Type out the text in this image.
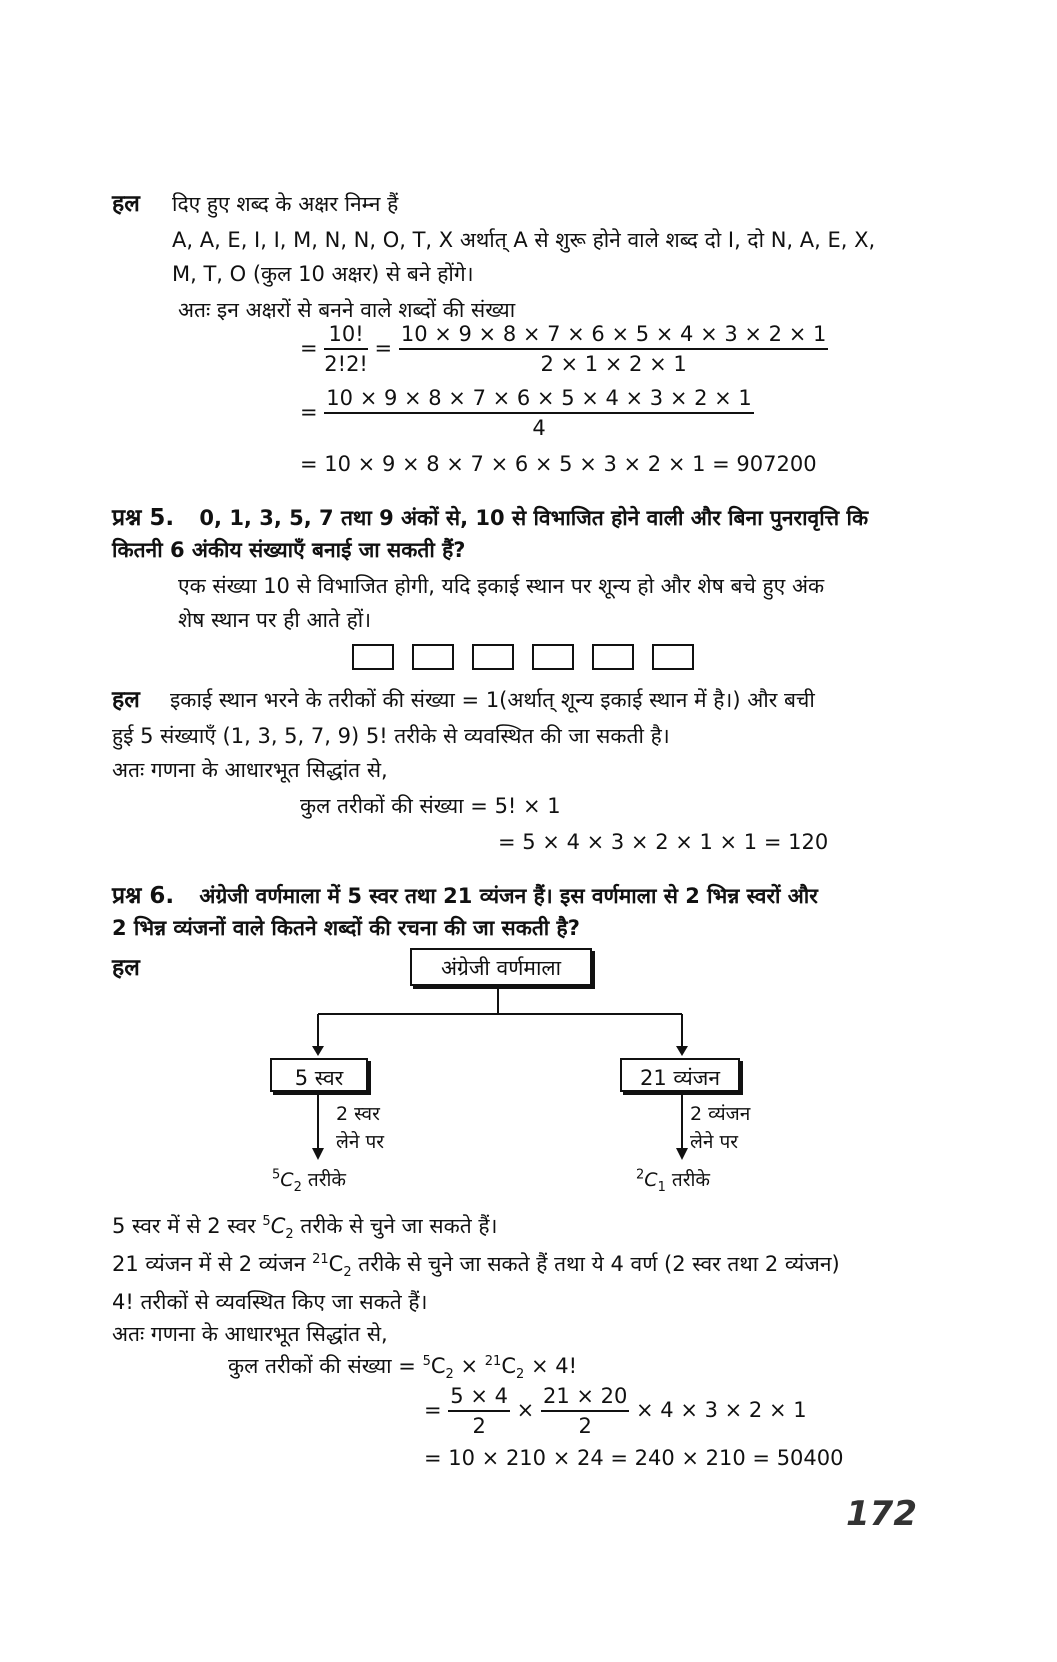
हल दिए हुए शब्द के अक्षर निम्न हैं
A, A, E, I, I, M, N, N, O, T, X अर्थात् A से शुरू होने वाले शब्द दो I, दो N, A, E, X,
M, T, O (कुल 10 अक्षर) से बने होंगे।
अतः इन अक्षरों से बनने वाले शब्दों की संख्या
= $\frac{10!}{2!2!} = \frac{10 \times 9 \times 8 \times 7 \times 6 \times 5 \times 4 \times 3 \times 2 \times 1}{2 \times 1 \times 2 \times 1}$
= $\frac{10 \times 9 \times 8 \times 7 \times 6 \times 5 \times 4 \times 3 \times 2 \times 1}{4}$
= 10 × 9 × 8 × 7 × 6 × 5 × 3 × 2 × 1 = 907200
प्रश्न 5. 0, 1, 3, 5, 7 तथा 9 अंकों से, 10 से विभाजित होने वाली और बिना पुनरावृत्ति कि
कितनी 6 अंकीय संख्याएँ बनाई जा सकती हैं?
एक संख्या 10 से विभाजित होगी, यदि इकाई स्थान पर शून्य हो और शेष बचे हुए अंक
शेष स्थान पर ही आते हों।
हल इकाई स्थान भरने के तरीकों की संख्या = 1(अर्थात् शून्य इकाई स्थान में है।) और बची
हुई 5 संख्याएँ (1, 3, 5, 7, 9) 5! तरीके से व्यवस्थित की जा सकती है।
अतः गणना के आधारभूत सिद्धांत से,
कुल तरीकों की संख्या = 5! × 1
= 5 × 4 × 3 × 2 × 1 × 1 = 120
प्रश्न 6. अंग्रेजी वर्णमाला में 5 स्वर तथा 21 व्यंजन हैं। इस वर्णमाला से 2 भिन्न स्वरों और
2 भिन्न व्यंजनों वाले कितने शब्दों की रचना की जा सकती है?
हल	अंग्रेजी वर्णमाला
5 स्वर	21 व्यंजन
2 स्वर
लेने पर
2 व्यंजन
लेने पर
$^5C_2$ तरीके	$^2C_1$ तरीके
5 स्वर में से 2 स्वर $^5C_2$ तरीके से चुने जा सकते हैं।
21 व्यंजन में से 2 व्यंजन $^{21}C_2$ तरीके से चुने जा सकते हैं तथा ये 4 वर्ण (2 स्वर तथा 2 व्यंजन)
4! तरीकों से व्यवस्थित किए जा सकते हैं।
अतः गणना के आधारभूत सिद्धांत से,
कुल तरीकों की संख्या = $^5C_2 \times ^{21}C_2 \times 4$!
= $\frac{5 \times 4}{2} \times \frac{21 \times 20}{2} \times 4 \times 3 \times 2 \times 1$
= 10 × 210 × 24 = 240 × 210 = 50400
172
